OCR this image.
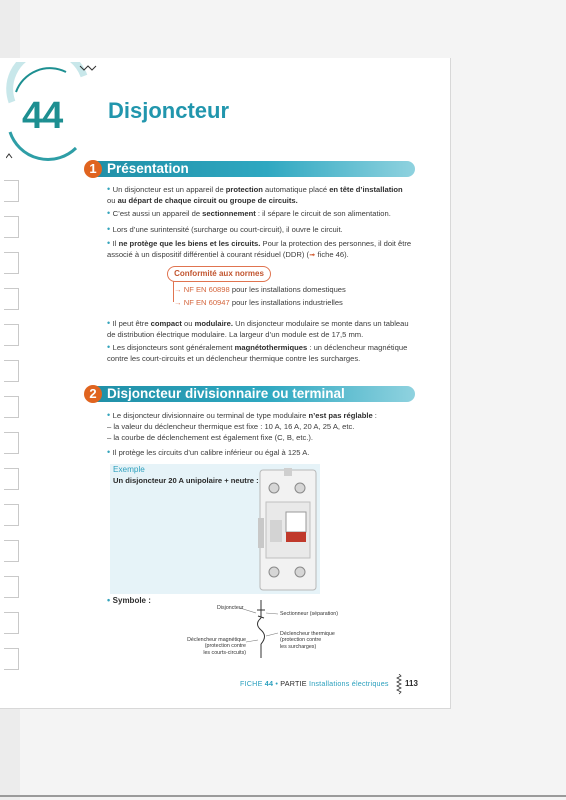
44 Disjoncteur
1 Présentation
• Un disjoncteur est un appareil de protection automatique placé en tête d’installation
ou au départ de chaque circuit ou groupe de circuits.
• C’est aussi un appareil de sectionnement : il sépare le circuit de son alimentation.
• Lors d’une surintensité (surcharge ou court-circuit), il ouvre le circuit.
• Il ne protège que les biens et les circuits. Pour la protection des personnes, il doit être
associé à un dispositif différentiel à courant résiduel (DDR) (➟ fiche 46).
Conformité aux normes
→ NF EN 60898 pour les installations domestiques
→ NF EN 60947 pour les installations industrielles
• Il peut être compact ou modulaire. Un disjoncteur modulaire se monte dans un tableau
de distribution électrique modulaire. La largeur d’un module est de 17,5 mm.
• Les disjoncteurs sont généralement magnétothermiques : un déclencheur magnétique
contre les court-circuits et un déclencheur thermique contre les surcharges.
2 Disjoncteur divisionnaire ou terminal
• Le disjoncteur divisionnaire ou terminal de type modulaire n’est pas réglable :
– la valeur du déclencheur thermique est fixe : 10 A, 16 A, 20 A, 25 A, etc.
– la courbe de déclenchement est également fixe (C, B, etc.).
• Il protège les circuits d’un calibre inférieur ou égal à 125 A.
Exemple
Un disjoncteur 20 A unipolaire + neutre :
• Symbole :
Disjoncteur
Sectionneur (séparation)
Déclencheur magnétique
(protection contre
les courts-circuits)
Déclencheur thermique
(protection contre
les surcharges)
FICHE 44 • PARTIE Installations électriques 113
